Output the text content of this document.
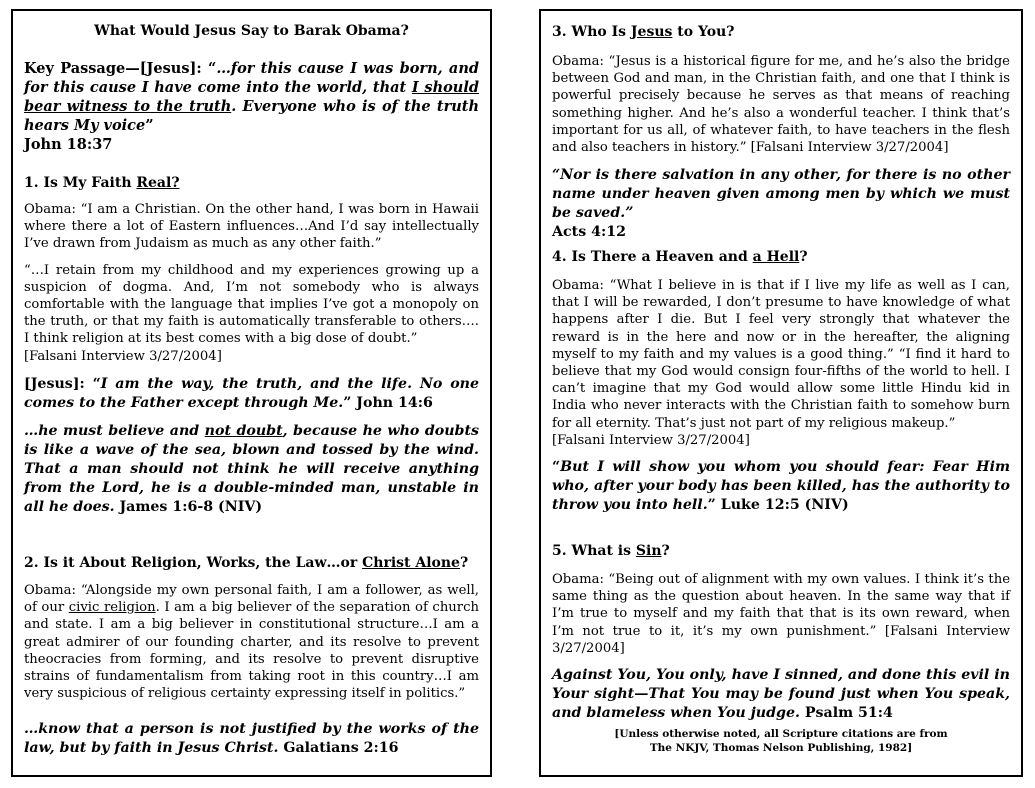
What Would Jesus Say to Barak Obama?

Key Passage—[Jesus]: “…for this cause I was born, and for this cause I have come into the world, that I should bear witness to the truth. Everyone who is of the truth hears My voice”
John 18:37

1. Is My Faith Real?

Obama: “I am a Christian. On the other hand, I was born in Hawaii where there a lot of Eastern influences…And I’d say intellectually I’ve drawn from Judaism as much as any other faith.”

“…I retain from my childhood and my experiences growing up a suspicion of dogma. And, I’m not somebody who is always comfortable with the language that implies I’ve got a monopoly on the truth, or that my faith is automatically transferable to others…. I think religion at its best comes with a big dose of doubt.”
[Falsani Interview 3/27/2004]

[Jesus]: “I am the way, the truth, and the life. No one comes to the Father except through Me.” John 14:6

…he must believe and not doubt, because he who doubts is like a wave of the sea, blown and tossed by the wind. That a man should not think he will receive anything from the Lord, he is a double-minded man, unstable in all he does. James 1:6-8 (NIV)

2. Is it About Religion, Works, the Law…or Christ Alone?

Obama: “Alongside my own personal faith, I am a follower, as well, of our civic religion. I am a big believer of the separation of church and state. I am a big believer in constitutional structure…I am a great admirer of our founding charter, and its resolve to prevent theocracies from forming, and its resolve to prevent disruptive strains of fundamentalism from taking root in this country…I am very suspicious of religious certainty expressing itself in politics.”

…know that a person is not justified by the works of the law, but by faith in Jesus Christ. Galatians 2:16

3. Who Is Jesus to You?

Obama: “Jesus is a historical figure for me, and he’s also the bridge between God and man, in the Christian faith, and one that I think is powerful precisely because he serves as that means of reaching something higher. And he’s also a wonderful teacher. I think that’s important for us all, of whatever faith, to have teachers in the flesh and also teachers in history.” [Falsani Interview 3/27/2004]

“Nor is there salvation in any other, for there is no other name under heaven given among men by which we must be saved.”
Acts 4:12

4. Is There a Heaven and a Hell?

Obama: “What I believe in is that if I live my life as well as I can, that I will be rewarded, I don’t presume to have knowledge of what happens after I die. But I feel very strongly that whatever the reward is in the here and now or in the hereafter, the aligning myself to my faith and my values is a good thing.” “I find it hard to believe that my God would consign four-fifths of the world to hell. I can’t imagine that my God would allow some little Hindu kid in India who never interacts with the Christian faith to somehow burn for all eternity. That’s just not part of my religious makeup.”
[Falsani Interview 3/27/2004]

“But I will show you whom you should fear: Fear Him who, after your body has been killed, has the authority to throw you into hell.” Luke 12:5 (NIV)

5. What is Sin?

Obama: “Being out of alignment with my own values. I think it’s the same thing as the question about heaven. In the same way that if I’m true to myself and my faith that that is its own reward, when I’m not true to it, it’s my own punishment.” [Falsani Interview 3/27/2004]

Against You, You only, have I sinned, and done this evil in Your sight—That You may be found just when You speak, and blameless when You judge. Psalm 51:4

[Unless otherwise noted, all Scripture citations are from
The NKJV, Thomas Nelson Publishing, 1982]
